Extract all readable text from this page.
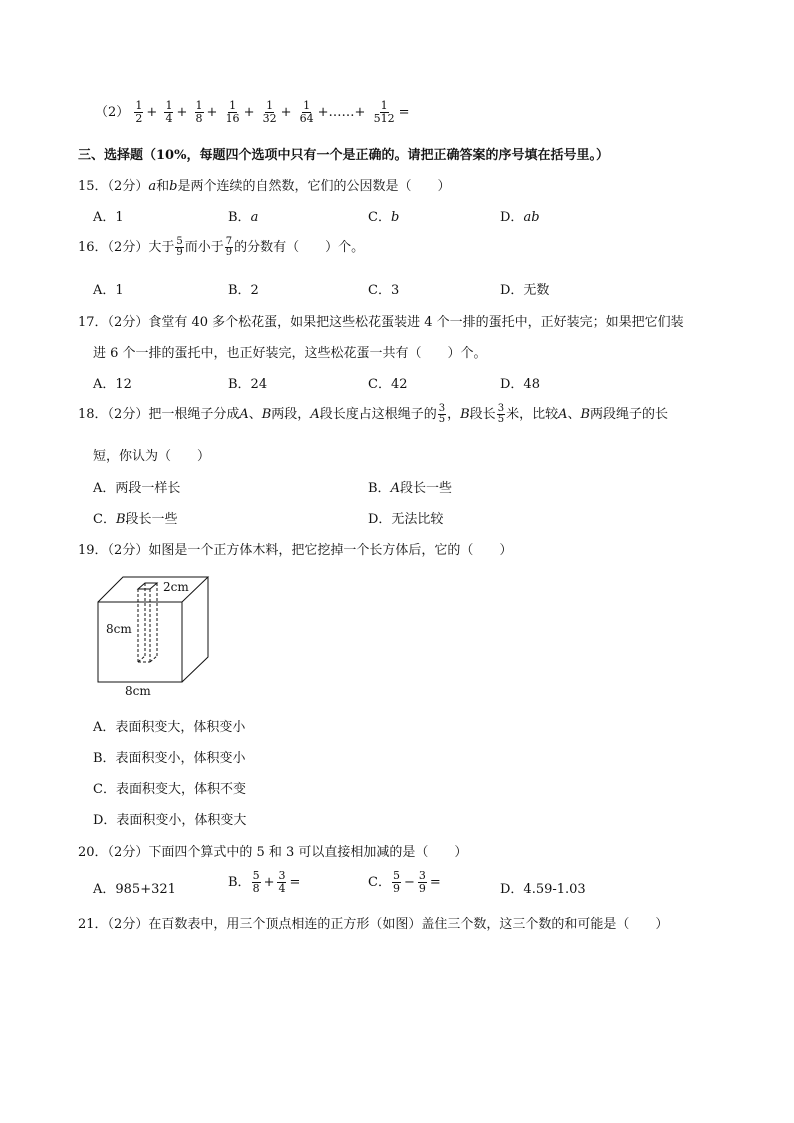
$(2) \frac{1}{2} + \frac{1}{4} + \frac{1}{8} + \frac{1}{16} + \frac{1}{32} + \frac{1}{64}$ +……+ $\frac{1}{512}$ =
三、选择题（10%，每题四个选项中只有一个是正确的。请把正确答案的序号填在括号里。）
15．（2分）a和b是两个连续的自然数，它们的公因数是（　　）
A．1	B．a	C．b	D．ab
16．（2分）大于 $\frac{5}{9}$ 而小于 $\frac{7}{9}$ 的分数有（　　）个。
A．1	B．2	C．3	D．无数
17．（2分）食堂有 40 多个松花蛋，如果把这些松花蛋装进 4 个一排的蛋托中，正好装完；如果把它们装
进 6 个一排的蛋托中，也正好装完，这些松花蛋一共有（　　）个。
A．12	B．24	C．42	D．48
18．（2分）把一根绳子分成A、B两段，A段长度占这根绳子的 $\frac{3}{5}$ ，B段长 $\frac{3}{5}$ 米，比较A、B两段绳子的长
短，你认为（　　）
A．两段一样长	B．A段长一些
C．B段长一些	D．无法比较
19．（2分）如图是一个正方体木料，把它挖掉一个长方体后，它的（　　）
2cm
8cm
8cm
A．表面积变大，体积变小
B．表面积变小，体积变小
C．表面积变大，体积不变
D．表面积变小，体积变大
20．（2分）下面四个算式中的 5 和 3 可以直接相加减的是（　　）
A．985+321	B． $\frac{5}{8} + \frac{3}{4}$ =	C． $\frac{5}{9} - \frac{3}{9}$ =	D．4.59-1.03
21．（2分）在百数表中，用三个顶点相连的正方形（如图）盖住三个数，这三个数的和可能是（　　）
